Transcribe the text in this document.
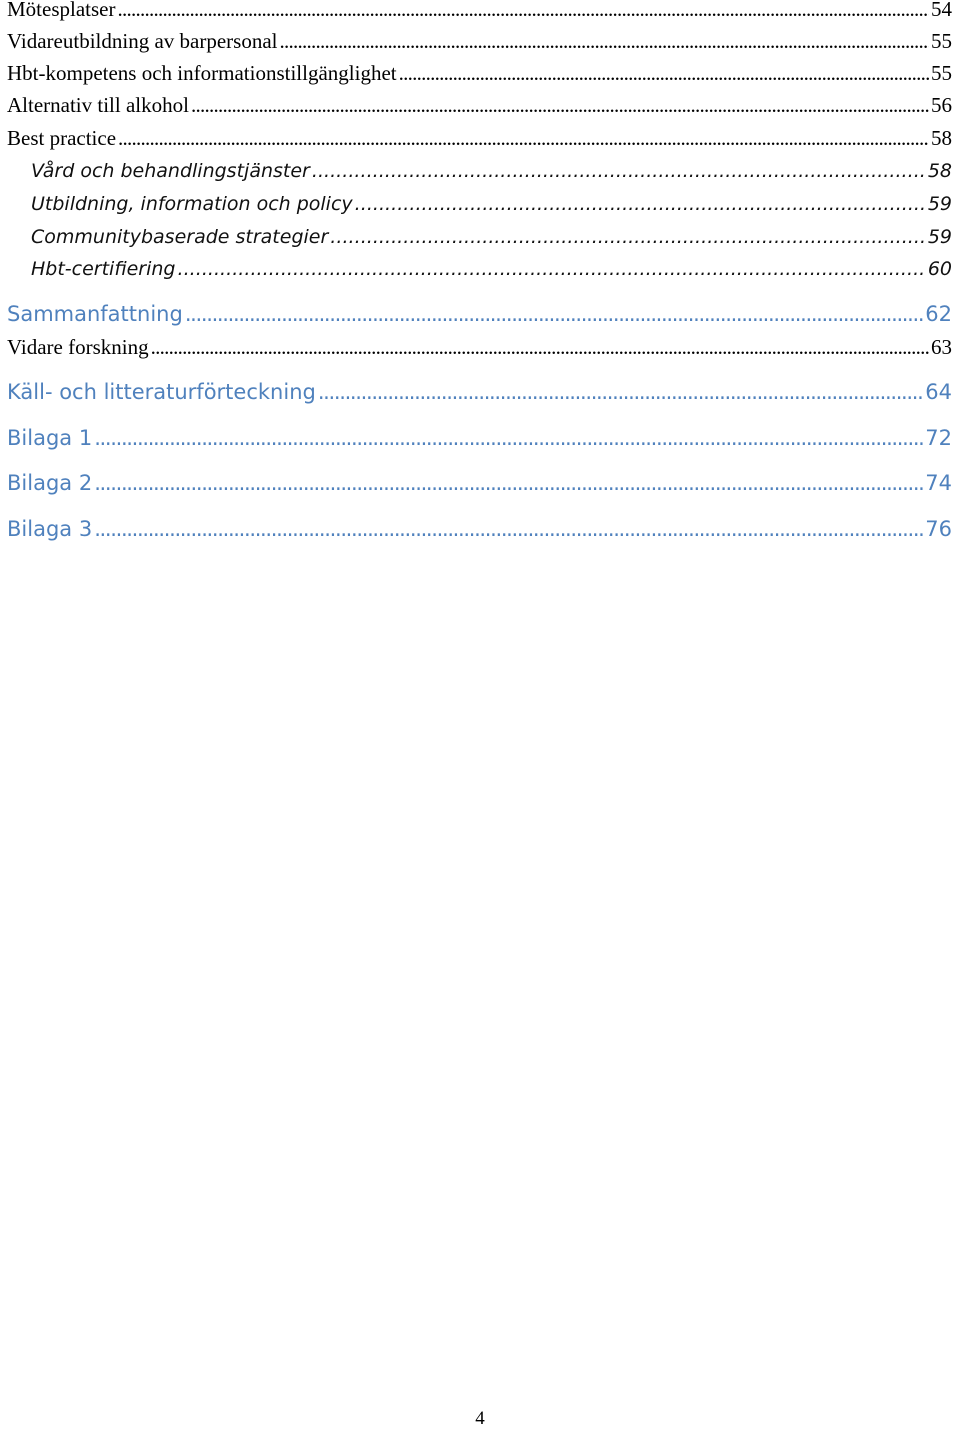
Mötesplatser . . .	54
Vidareutbildning av barpersonal . . .	55
Hbt-kompetens och informationstillgänglighet . . .	55
Alternativ till alkohol . . .	56
Best practice . . .	58
Vård och behandlingstjänster . . .	58
Utbildning, information och policy . . .	59
Communitybaserade strategier . . .	59
Hbt-certifiering . . .	60
Sammanfattning . . .	62
Vidare forskning . . .	63
Käll- och litteraturförteckning . . .	64
Bilaga 1 . . .	72
Bilaga 2 . . .	74
Bilaga 3 . . .	76
4
